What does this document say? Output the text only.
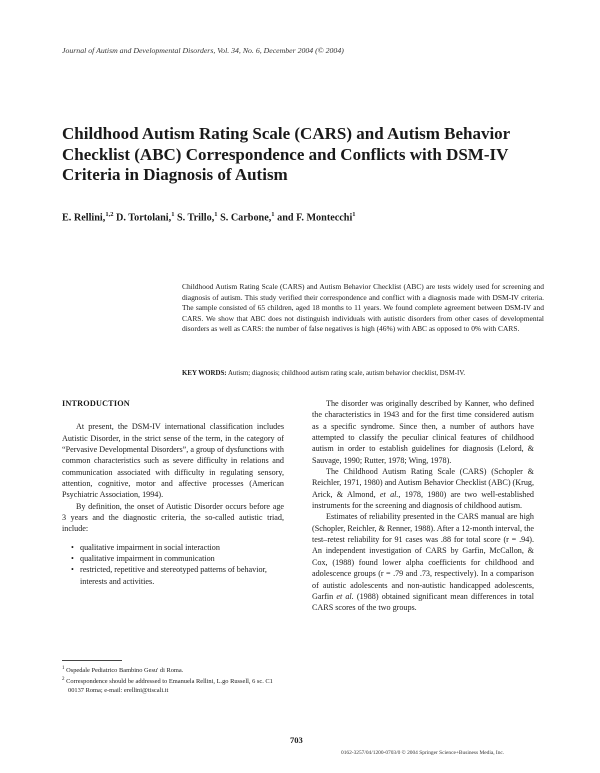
Journal of Autism and Developmental Disorders, Vol. 34, No. 6, December 2004 (© 2004)
Childhood Autism Rating Scale (CARS) and Autism Behavior Checklist (ABC) Correspondence and Conflicts with DSM-IV Criteria in Diagnosis of Autism
E. Rellini,$^{1,2}$ D. Tortolani,$^1$ S. Trillo,$^1$ S. Carbone,$^1$ and F. Montecchi$^1$

Childhood Autism Rating Scale (CARS) and Autism Behavior Checklist (ABC) are tests widely used for screening and diagnosis of autism. This study verified their correspondence and conflict with a diagnosis made with DSM-IV criteria. The sample consisted of 65 children, aged 18 months to 11 years. We found complete agreement between DSM-IV and CARS. We show that ABC does not distinguish individuals with autistic disorders from other cases of developmental disorders as well as CARS: the number of false negatives is high (46%) with ABC as opposed to 0% with CARS.

KEY WORDS: Autism; diagnosis; childhood autism rating scale, autism behavior checklist, DSM-IV.
INTRODUCTION

At present, the DSM-IV international classification includes Autistic Disorder, in the strict sense of the term, in the category of “Pervasive Developmental Disorders”, a group of dysfunctions with common characteristics such as severe difficulty in relations and communication associated with difficulty in regulating sensory, attention, cognitive, motor and affective processes (American Psychiatric Association, 1994).

By definition, the onset of Autistic Disorder occurs before age 3 years and the diagnostic criteria, the so-called autistic triad, include:

• qualitative impairment in social interaction
• qualitative impairment in communication
• restricted, repetitive and stereotyped patterns of behavior, interests and activities.

The disorder was originally described by Kanner, who defined the characteristics in 1943 and for the first time considered autism as a specific syndrome. Since then, a number of authors have attempted to classify the peculiar clinical features of childhood autism in order to establish guidelines for diagnosis (Lelord, & Sauvage, 1990; Rutter, 1978; Wing, 1978).

The Childhood Autism Rating Scale (CARS) (Schopler & Reichler, 1971, 1980) and Autism Behavior Checklist (ABC) (Krug, Arick, & Almond, et al., 1978, 1980) are two well-established instruments for the screening and diagnosis of childhood autism.

Estimates of reliability presented in the CARS manual are high (Schopler, Reichler, & Renner, 1988). After a 12-month interval, the test–retest reliability for 91 cases was .88 for total score (r = .94). An independent investigation of CARS by Garfin, McCallon, & Cox, (1988) found lower alpha coefficients for childhood and adolescence groups (r = .79 and .73, respectively). In a comparison of autistic adolescents and non-autistic handicapped adolescents, Garfin et al. (1988) obtained significant mean differences in total CARS scores of the two groups.

$^1$ Ospedale Pediatrico Bambino Gesu' di Roma.
$^2$ Correspondence should be addressed to Emanuela Rellini, L.go Russell, 6 sc. C1 00137 Roma; e-mail: erellini@tiscali.it
703
0162-3257/04/1200-0703/0 © 2004 Springer Science+Business Media, Inc.
